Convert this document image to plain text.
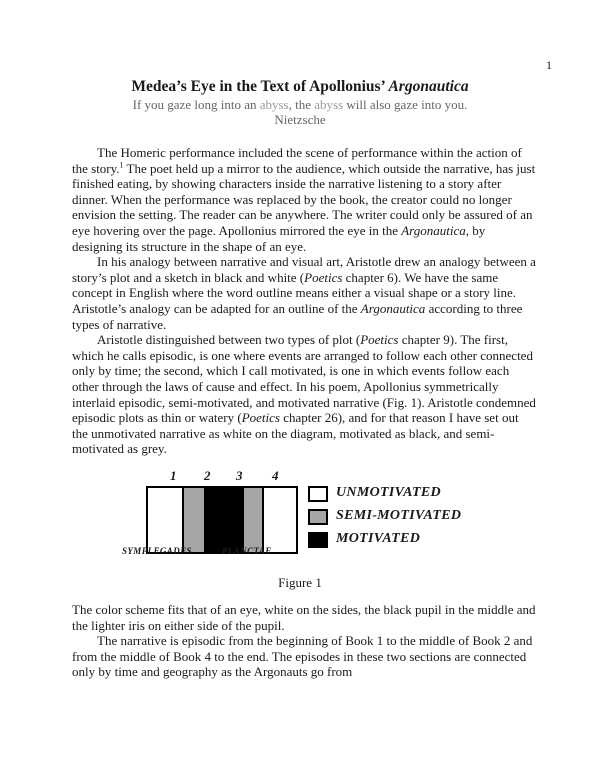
1
Medea’s Eye in the Text of Apollonius’ Argonautica
If you gaze long into an abyss, the abyss will also gaze into you.
Nietzsche

The Homeric performance included the scene of performance within the action of the story.$^1$ The poet held up a mirror to the audience, which outside the narrative, has just finished eating, by showing characters inside the narrative listening to a story after dinner. When the performance was replaced by the book, the creator could no longer envision the setting. The reader can be anywhere. The writer could only be assured of an eye hovering over the page. Apollonius mirrored the eye in the Argonautica, by designing its structure in the shape of an eye.

In his analogy between narrative and visual art, Aristotle drew an analogy between a story’s plot and a sketch in black and white (Poetics chapter 6). We have the same concept in English where the word outline means either a visual shape or a story line. Aristotle’s analogy can be adapted for an outline of the Argonautica according to three types of narrative.

Aristotle distinguished between two types of plot (Poetics chapter 9). The first, which he calls episodic, is one where events are arranged to follow each other connected only by time; the second, which I call motivated, is one in which events follow each other through the laws of cause and effect. In his poem, Apollonius symmetrically interlaid episodic, semi-motivated, and motivated narrative (Fig. 1). Aristotle condemned episodic plots as thin or watery (Poetics chapter 26), and for that reason I have set out the unmotivated narrative as white on the diagram, motivated as black, and semi-motivated as grey.

1 2 3 4
SYMPLEGADES	PLANCTAE
UNMOTIVATED
SEMI-MOTIVATED
MOTIVATED
Figure 1

The color scheme fits that of an eye, white on the sides, the black pupil in the middle and the lighter iris on either side of the pupil.

The narrative is episodic from the beginning of Book 1 to the middle of Book 2 and from the middle of Book 4 to the end. The episodes in these two sections are connected only by time and geography as the Argonauts go from
